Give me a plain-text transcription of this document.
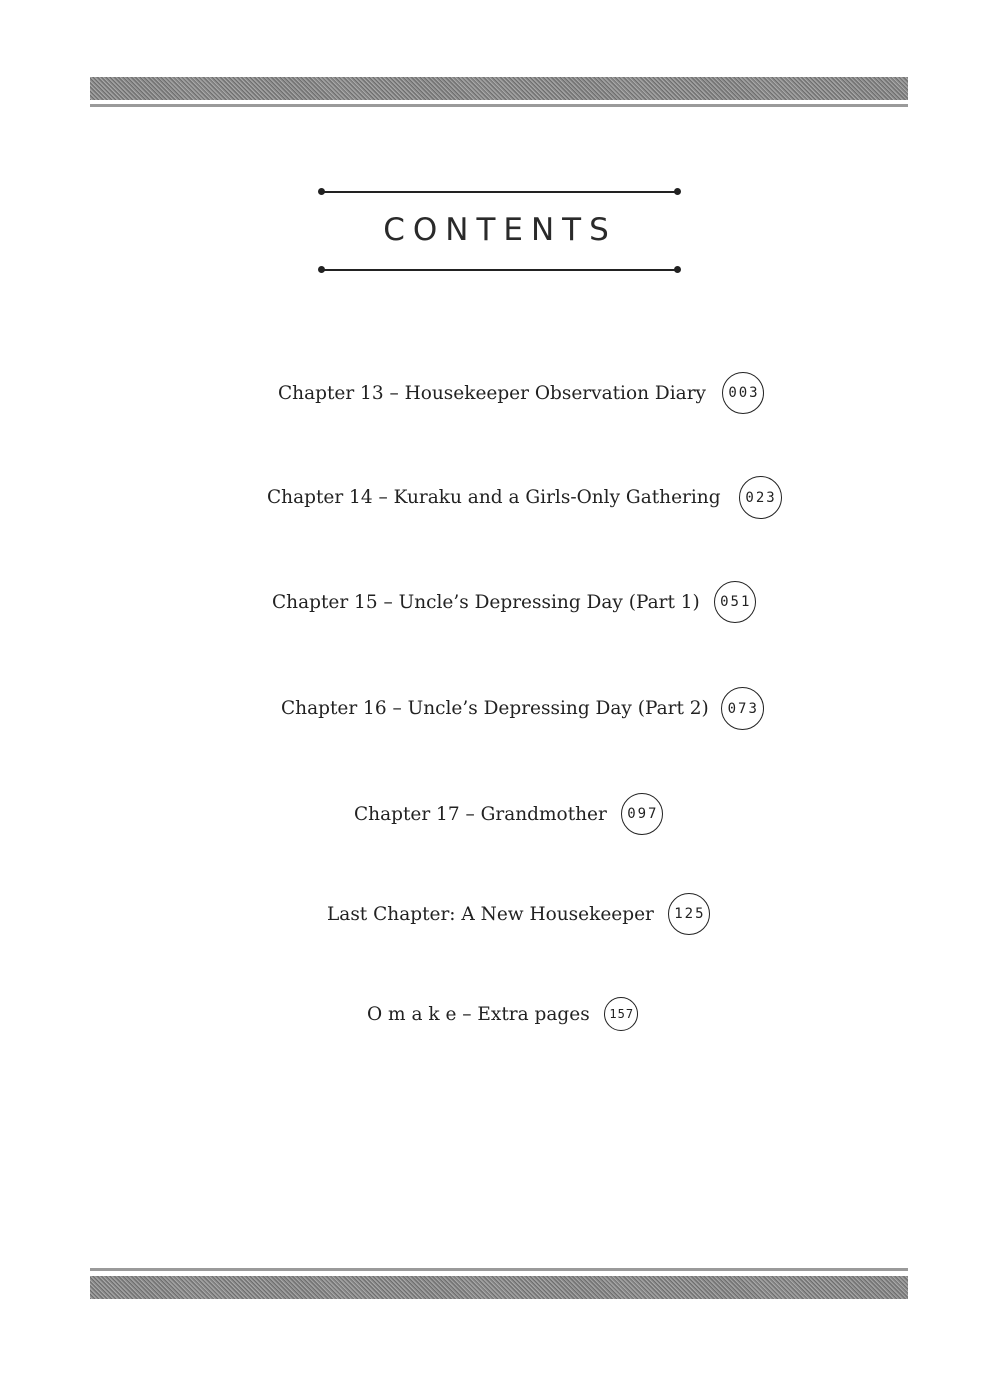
CONTENTS
Chapter 13 – Housekeeper Observation Diary	003
Chapter 14 – Kuraku and a Girls-Only Gathering	023
Chapter 15 – Uncle’s Depressing Day (Part 1)	051
Chapter 16 – Uncle’s Depressing Day (Part 2)	073
Chapter 17 – Grandmother	097
Last Chapter: A New Housekeeper	125
O m a k e – Extra pages	157
